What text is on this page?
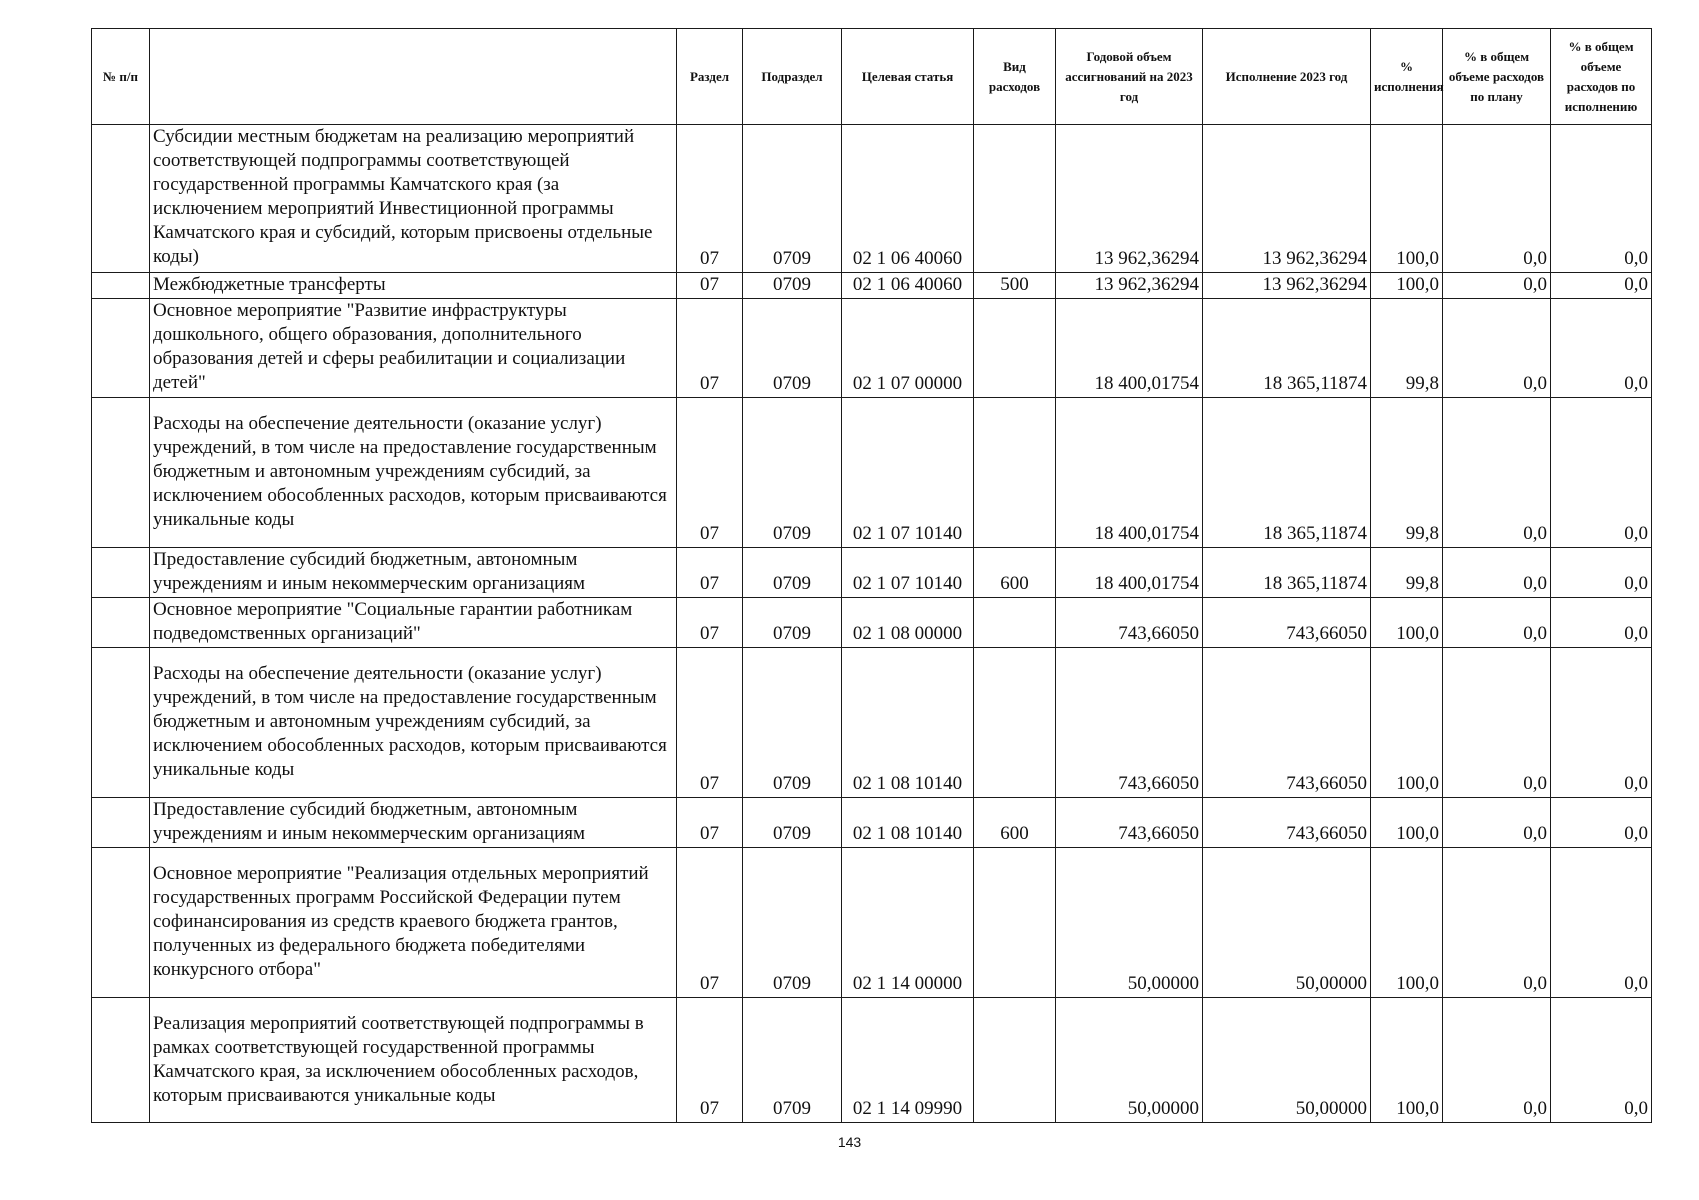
№ п/п		Раздел	Подраздел	Целевая статья	Вид расходов	Годовой объем ассигнований на 2023 год	Исполнение 2023 год	% исполнения	% в общем объеме расходов по плану	% в общем объеме расходов по исполнению
	Субсидии местным бюджетам на реализацию мероприятий соответствующей подпрограммы соответствующей государственной программы Камчатского края (за исключением мероприятий Инвестиционной программы Камчатского края и субсидий, которым присвоены отдельные коды)	07	0709	02 1 06 40060		13 962,36294	13 962,36294	100,0	0,0	0,0
	Межбюджетные трансферты	07	0709	02 1 06 40060	500	13 962,36294	13 962,36294	100,0	0,0	0,0
	Основное мероприятие "Развитие инфраструктуры дошкольного, общего образования, дополнительного образования детей и сферы реабилитации и социализации детей"	07	0709	02 1 07 00000		18 400,01754	18 365,11874	99,8	0,0	0,0
	Расходы на обеспечение деятельности (оказание услуг) учреждений, в том числе на предоставление государственным бюджетным и автономным учреждениям субсидий, за исключением обособленных расходов, которым присваиваются уникальные коды	07	0709	02 1 07 10140		18 400,01754	18 365,11874	99,8	0,0	0,0
	Предоставление субсидий бюджетным, автономным учреждениям и иным некоммерческим организациям	07	0709	02 1 07 10140	600	18 400,01754	18 365,11874	99,8	0,0	0,0
	Основное мероприятие "Социальные гарантии работникам подведомственных организаций"	07	0709	02 1 08 00000		743,66050	743,66050	100,0	0,0	0,0
	Расходы на обеспечение деятельности (оказание услуг) учреждений, в том числе на предоставление государственным бюджетным и автономным учреждениям субсидий, за исключением обособленных расходов, которым присваиваются уникальные коды	07	0709	02 1 08 10140		743,66050	743,66050	100,0	0,0	0,0
	Предоставление субсидий бюджетным, автономным учреждениям и иным некоммерческим организациям	07	0709	02 1 08 10140	600	743,66050	743,66050	100,0	0,0	0,0
	Основное мероприятие "Реализация отдельных мероприятий государственных программ Российской Федерации путем софинансирования из средств краевого бюджета грантов, полученных из федерального бюджета победителями конкурсного отбора"	07	0709	02 1 14 00000		50,00000	50,00000	100,0	0,0	0,0
	Реализация мероприятий соответствующей подпрограммы в рамках соответствующей государственной программы Камчатского края, за исключением обособленных расходов, которым присваиваются уникальные коды	07	0709	02 1 14 09990		50,00000	50,00000	100,0	0,0	0,0
143
